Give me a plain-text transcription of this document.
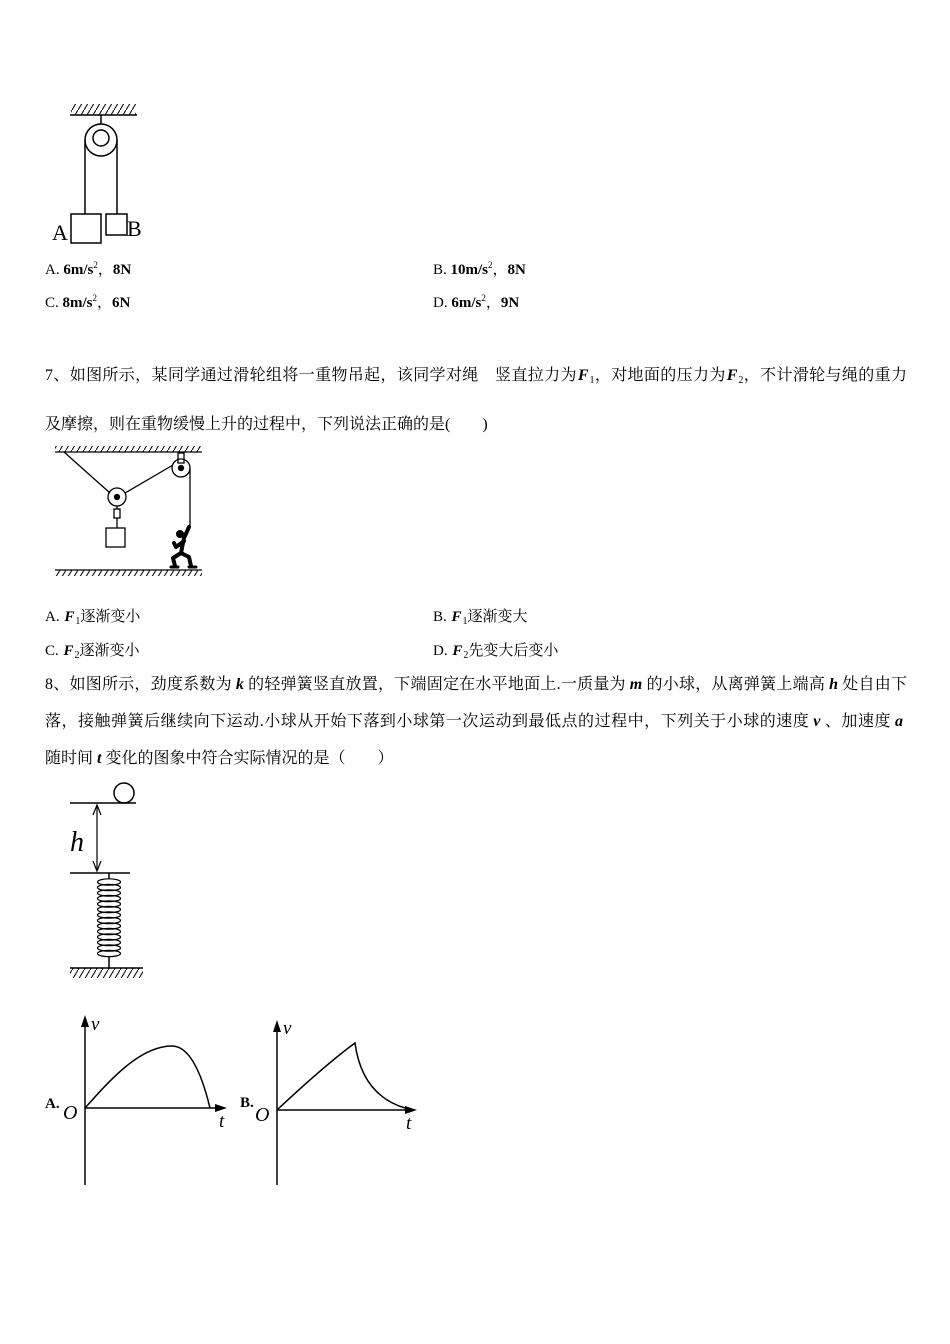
A	B
h
A.
v
O	t
B.
v
O	t
A. $6m/s^2$，8N	B. $10m/s^2$，8N
C. $8m/s^2$，6N	D. $6m/s^2$，9N
7、如图所示，某同学通过滑轮组将一重物吊起，该同学对绳　竖直拉力为$F_1$，对地面的压力为$F_2$，不计滑轮与绳的重力
及摩擦，则在重物缓慢上升的过程中，下列说法正确的是(　　)
A. $F_1$逐渐变小	B. $F_1$逐渐变大
C. $F_2$逐渐变小	D. $F_2$先变大后变小
8、如图所示，劲度系数为 k 的轻弹簧竖直放置，下端固定在水平地面上.一质量为 m 的小球，从离弹簧上端高 h 处自由下
落，接触弹簧后继续向下运动.小球从开始下落到小球第一次运动到最低点的过程中，下列关于小球的速度 v 、加速度 a
随时间 t 变化的图象中符合实际情况的是（　　）
